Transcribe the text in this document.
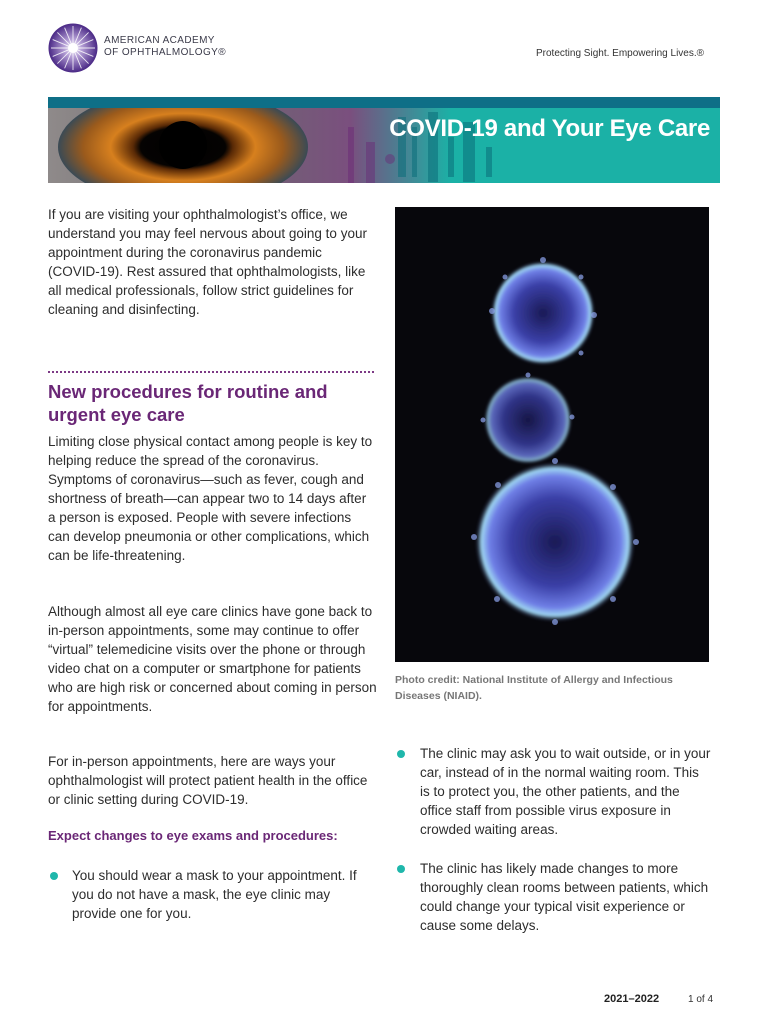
AMERICAN ACADEMY
OF OPHTHALMOLOGY®	Protecting Sight. Empowering Lives.®
COVID-19 and Your Eye Care

If you are visiting your ophthalmologist’s office, we understand you may feel nervous about going to your appointment during the coronavirus pandemic (COVID-19). Rest assured that ophthalmologists, like all medical professionals, follow strict guidelines for cleaning and disinfecting.

New procedures for routine and urgent eye care

Limiting close physical contact among people is key to helping reduce the spread of the coronavirus. Symptoms of coronavirus—such as fever, cough and shortness of breath—can appear two to 14 days after a person is exposed. People with severe infections can develop pneumonia or other complications, which can be life-threatening.

Although almost all eye care clinics have gone back to in-person appointments, some may continue to offer “virtual” telemedicine visits over the phone or through video chat on a computer or smartphone for patients who are high risk or concerned about coming in person for appointments.

For in-person appointments, here are ways your ophthalmologist will protect patient health in the office or clinic setting during COVID-19.

Expect changes to eye exams and procedures:

You should wear a mask to your appointment. If you do not have a mask, the eye clinic may provide one for you.

Photo credit: National Institute of Allergy and Infectious Diseases (NIAID).

The clinic may ask you to wait outside, or in your car, instead of in the normal waiting room. This is to protect you, the other patients, and the office staff from possible virus exposure in crowded waiting areas.

The clinic has likely made changes to more thoroughly clean rooms between patients, which could change your typical visit experience or cause some delays.

2021–2022	1 of 4
